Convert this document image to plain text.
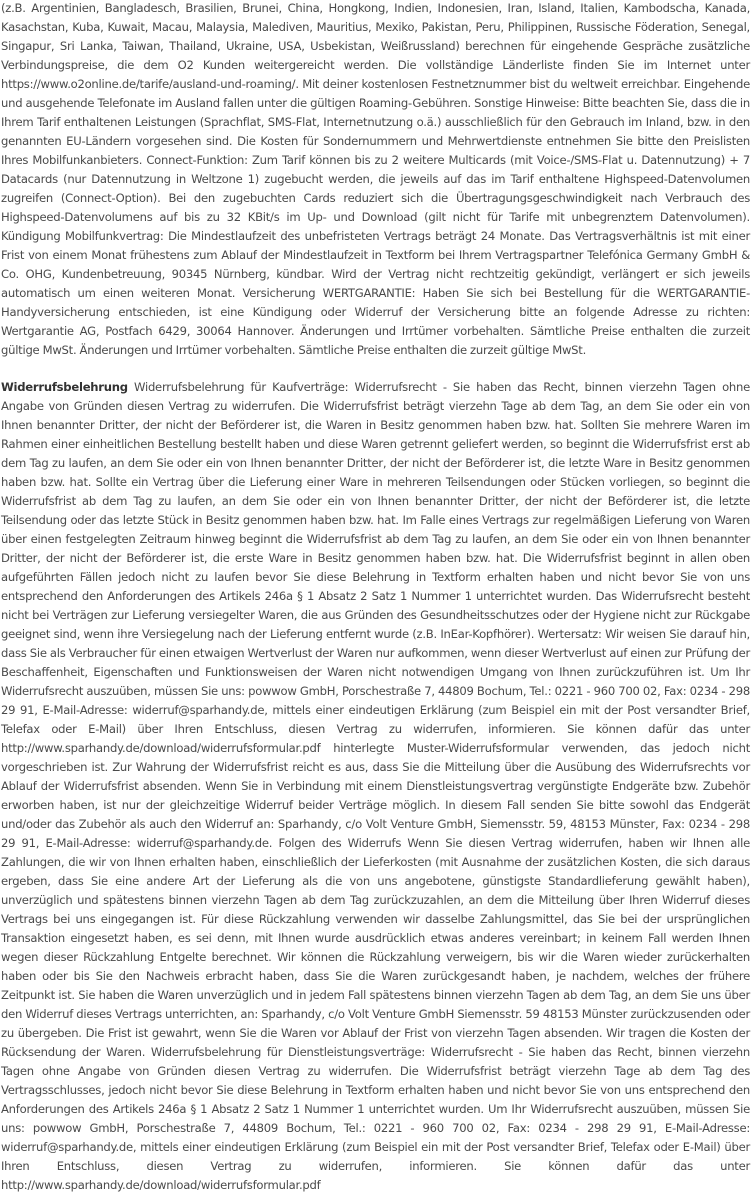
(z.B. Argentinien, Bangladesch, Brasilien, Brunei, China, Hongkong, Indien, Indonesien, Iran, Island, Italien, Kambodscha, Kanada, Kasachstan, Kuba, Kuwait, Macau, Malaysia, Malediven, Mauritius, Mexiko, Pakistan, Peru, Philippinen, Russische Föderation, Senegal, Singapur, Sri Lanka, Taiwan, Thailand, Ukraine, USA, Usbekistan, Weißrussland) berechnen für eingehende Gespräche zusätzliche Verbindungspreise, die dem O2 Kunden weitergereicht werden. Die vollständige Länderliste finden Sie im Internet unter https://www.o2online.de/tarife/ausland-und-roaming/. Mit deiner kostenlosen Festnetznummer bist du weltweit erreichbar. Eingehende und ausgehende Telefonate im Ausland fallen unter die gültigen Roaming-Gebühren. Sonstige Hinweise: Bitte beachten Sie, dass die in Ihrem Tarif enthaltenen Leistungen (Sprachflat, SMS-Flat, Internetnutzung o.ä.) ausschließlich für den Gebrauch im Inland, bzw. in den genannten EU-Ländern vorgesehen sind. Die Kosten für Sondernummern und Mehrwertdienste entnehmen Sie bitte den Preislisten Ihres Mobilfunkanbieters. Connect-Funktion: Zum Tarif können bis zu 2 weitere Multicards (mit Voice-/SMS-Flat u. Datennutzung) + 7 Datacards (nur Datennutzung in Weltzone 1) zugebucht werden, die jeweils auf das im Tarif enthaltene Highspeed-Datenvolumen zugreifen (Connect-Option). Bei den zugebuchten Cards reduziert sich die Übertragungsgeschwindigkeit nach Verbrauch des Highspeed-Datenvolumens auf bis zu 32 KBit/s im Up- und Download (gilt nicht für Tarife mit unbegrenztem Datenvolumen). Kündigung Mobilfunkvertrag: Die Mindestlaufzeit des unbefristeten Vertrags beträgt 24 Monate. Das Vertragsverhältnis ist mit einer Frist von einem Monat frühestens zum Ablauf der Mindestlaufzeit in Textform bei Ihrem Vertragspartner Telefónica Germany GmbH & Co. OHG, Kundenbetreuung, 90345 Nürnberg, kündbar. Wird der Vertrag nicht rechtzeitig gekündigt, verlängert er sich jeweils automatisch um einen weiteren Monat. Versicherung WERTGARANTIE: Haben Sie sich bei Bestellung für die WERTGARANTIE-Handyversicherung entschieden, ist eine Kündigung oder Widerruf der Versicherung bitte an folgende Adresse zu richten: Wertgarantie AG, Postfach 6429, 30064 Hannover. Änderungen und Irrtümer vorbehalten. Sämtliche Preise enthalten die zurzeit gültige MwSt. Änderungen und Irrtümer vorbehalten. Sämtliche Preise enthalten die zurzeit gültige MwSt.

Widerrufsbelehrung Widerrufsbelehrung für Kaufverträge: Widerrufsrecht - Sie haben das Recht, binnen vierzehn Tagen ohne Angabe von Gründen diesen Vertrag zu widerrufen. Die Widerrufsfrist beträgt vierzehn Tage ab dem Tag, an dem Sie oder ein von Ihnen benannter Dritter, der nicht der Beförderer ist, die Waren in Besitz genommen haben bzw. hat. Sollten Sie mehrere Waren im Rahmen einer einheitlichen Bestellung bestellt haben und diese Waren getrennt geliefert werden, so beginnt die Widerrufsfrist erst ab dem Tag zu laufen, an dem Sie oder ein von Ihnen benannter Dritter, der nicht der Beförderer ist, die letzte Ware in Besitz genommen haben bzw. hat. Sollte ein Vertrag über die Lieferung einer Ware in mehreren Teilsendungen oder Stücken vorliegen, so beginnt die Widerrufsfrist ab dem Tag zu laufen, an dem Sie oder ein von Ihnen benannter Dritter, der nicht der Beförderer ist, die letzte Teilsendung oder das letzte Stück in Besitz genommen haben bzw. hat. Im Falle eines Vertrags zur regelmäßigen Lieferung von Waren über einen festgelegten Zeitraum hinweg beginnt die Widerrufsfrist ab dem Tag zu laufen, an dem Sie oder ein von Ihnen benannter Dritter, der nicht der Beförderer ist, die erste Ware in Besitz genommen haben bzw. hat. Die Widerrufsfrist beginnt in allen oben aufgeführten Fällen jedoch nicht zu laufen bevor Sie diese Belehrung in Textform erhalten haben und nicht bevor Sie von uns entsprechend den Anforderungen des Artikels 246a § 1 Absatz 2 Satz 1 Nummer 1 unterrichtet wurden. Das Widerrufsrecht besteht nicht bei Verträgen zur Lieferung versiegelter Waren, die aus Gründen des Gesundheitsschutzes oder der Hygiene nicht zur Rückgabe geeignet sind, wenn ihre Versiegelung nach der Lieferung entfernt wurde (z.B. InEar-Kopfhörer). Wertersatz: Wir weisen Sie darauf hin, dass Sie als Verbraucher für einen etwaigen Wertverlust der Waren nur aufkommen, wenn dieser Wertverlust auf einen zur Prüfung der Beschaffenheit, Eigenschaften und Funktionsweisen der Waren nicht notwendigen Umgang von Ihnen zurückzuführen ist. Um Ihr Widerrufsrecht auszuüben, müssen Sie uns: powwow GmbH, Porschestraße 7, 44809 Bochum, Tel.: 0221 - 960 700 02, Fax: 0234 - 298 29 91, E-Mail-Adresse: widerruf@sparhandy.de, mittels einer eindeutigen Erklärung (zum Beispiel ein mit der Post versandter Brief, Telefax oder E-Mail) über Ihren Entschluss, diesen Vertrag zu widerrufen, informieren. Sie können dafür das unter http://www.sparhandy.de/download/widerrufsformular.pdf hinterlegte Muster-Widerrufsformular verwenden, das jedoch nicht vorgeschrieben ist. Zur Wahrung der Widerrufsfrist reicht es aus, dass Sie die Mitteilung über die Ausübung des Widerrufsrechts vor Ablauf der Widerrufsfrist absenden. Wenn Sie in Verbindung mit einem Dienstleistungsvertrag vergünstigte Endgeräte bzw. Zubehör erworben haben, ist nur der gleichzeitige Widerruf beider Verträge möglich. In diesem Fall senden Sie bitte sowohl das Endgerät und/oder das Zubehör als auch den Widerruf an: Sparhandy, c/o Volt Venture GmbH, Siemensstr. 59, 48153 Münster, Fax: 0234 - 298 29 91, E-Mail-Adresse: widerruf@sparhandy.de. Folgen des Widerrufs Wenn Sie diesen Vertrag widerrufen, haben wir Ihnen alle Zahlungen, die wir von Ihnen erhalten haben, einschließlich der Lieferkosten (mit Ausnahme der zusätzlichen Kosten, die sich daraus ergeben, dass Sie eine andere Art der Lieferung als die von uns angebotene, günstigste Standardlieferung gewählt haben), unverzüglich und spätestens binnen vierzehn Tagen ab dem Tag zurückzuzahlen, an dem die Mitteilung über Ihren Widerruf dieses Vertrags bei uns eingegangen ist. Für diese Rückzahlung verwenden wir dasselbe Zahlungsmittel, das Sie bei der ursprünglichen Transaktion eingesetzt haben, es sei denn, mit Ihnen wurde ausdrücklich etwas anderes vereinbart; in keinem Fall werden Ihnen wegen dieser Rückzahlung Entgelte berechnet. Wir können die Rückzahlung verweigern, bis wir die Waren wieder zurückerhalten haben oder bis Sie den Nachweis erbracht haben, dass Sie die Waren zurückgesandt haben, je nachdem, welches der frühere Zeitpunkt ist. Sie haben die Waren unverzüglich und in jedem Fall spätestens binnen vierzehn Tagen ab dem Tag, an dem Sie uns über den Widerruf dieses Vertrags unterrichten, an: Sparhandy, c/o Volt Venture GmbH Siemensstr. 59 48153 Münster zurückzusenden oder zu übergeben. Die Frist ist gewahrt, wenn Sie die Waren vor Ablauf der Frist von vierzehn Tagen absenden. Wir tragen die Kosten der Rücksendung der Waren. Widerrufsbelehrung für Dienstleistungsverträge: Widerrufsrecht - Sie haben das Recht, binnen vierzehn Tagen ohne Angabe von Gründen diesen Vertrag zu widerrufen. Die Widerrufsfrist beträgt vierzehn Tage ab dem Tag des Vertragsschlusses, jedoch nicht bevor Sie diese Belehrung in Textform erhalten haben und nicht bevor Sie von uns entsprechend den Anforderungen des Artikels 246a § 1 Absatz 2 Satz 1 Nummer 1 unterrichtet wurden. Um Ihr Widerrufsrecht auszuüben, müssen Sie uns: powwow GmbH, Porschestraße 7, 44809 Bochum, Tel.: 0221 - 960 700 02, Fax: 0234 - 298 29 91, E-Mail-Adresse: widerruf@sparhandy.de, mittels einer eindeutigen Erklärung (zum Beispiel ein mit der Post versandter Brief, Telefax oder E-Mail) über Ihren Entschluss, diesen Vertrag zu widerrufen, informieren. Sie können dafür das unter http://www.sparhandy.de/download/widerrufsformular.pdf
